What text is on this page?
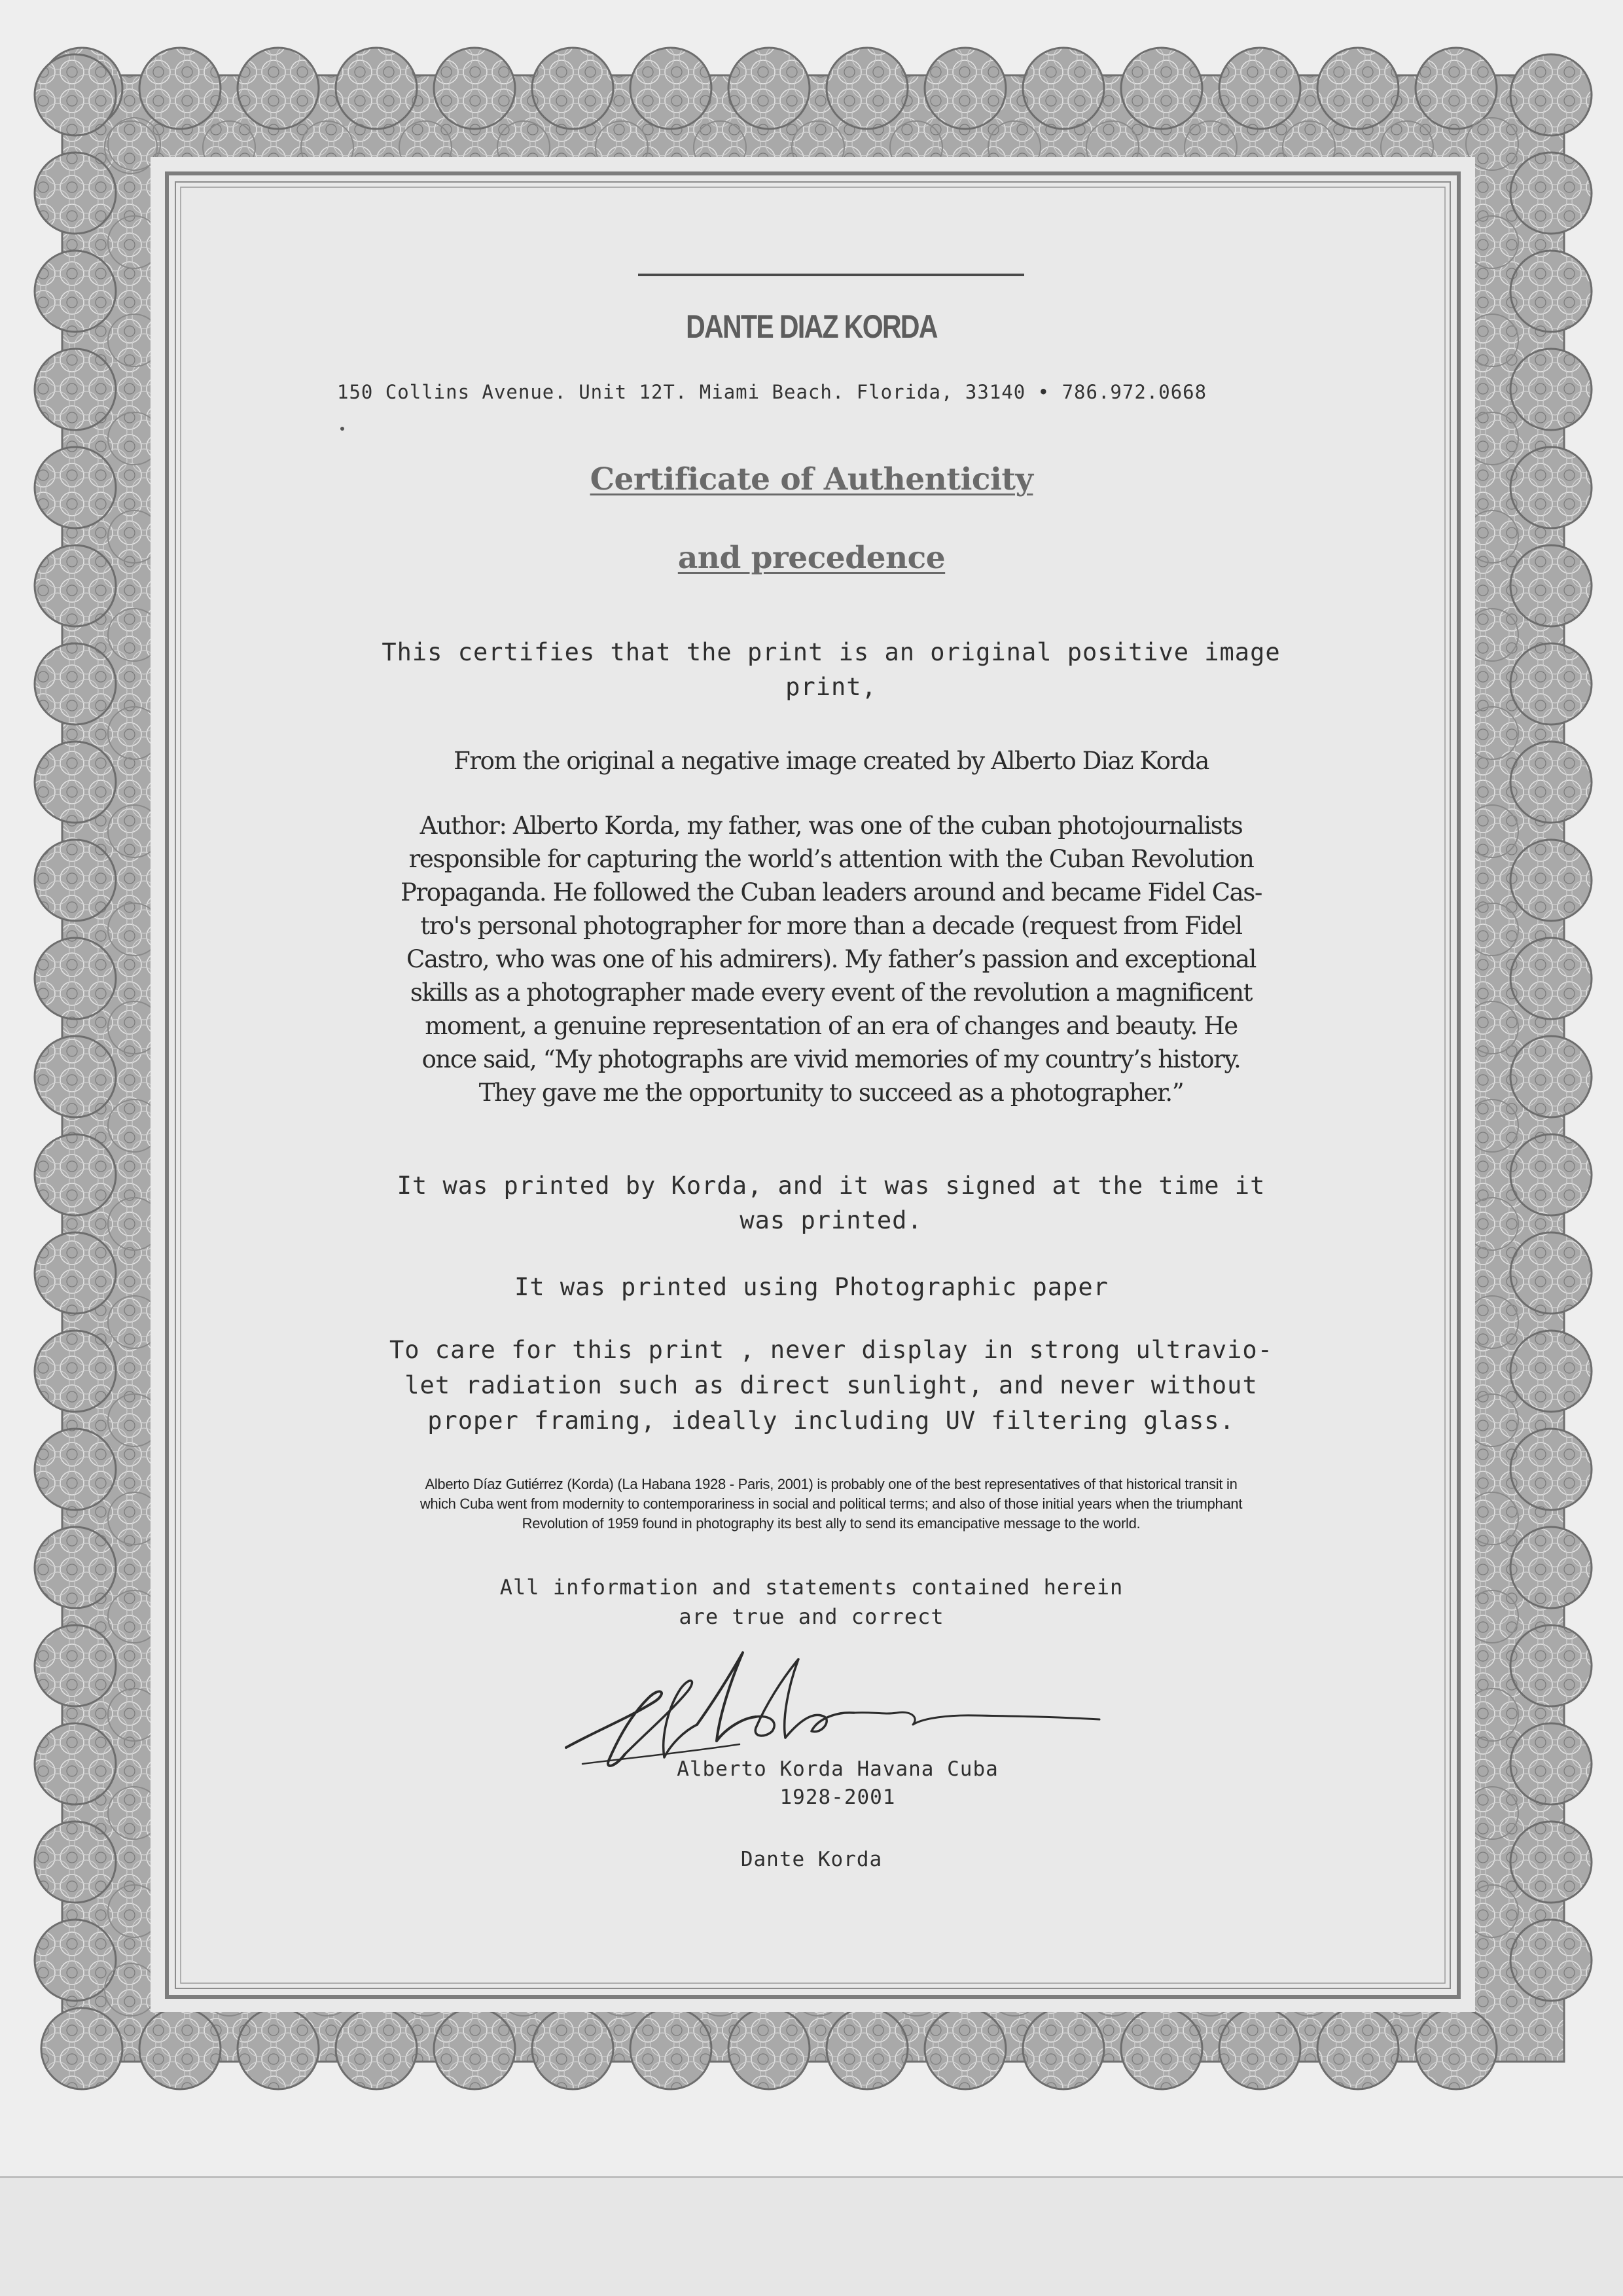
DANTE DIAZ KORDA
150 Collins Avenue. Unit 12T. Miami Beach. Florida, 33140 • 786.972.0668
Certificate of Authenticity
and precedence
This certifies that the print is an original positive image
print,
From the original a negative image created by Alberto Diaz Korda
Author: Alberto Korda, my father, was one of the cuban photojournalists
responsible for capturing the world’s attention with the Cuban Revolution
Propaganda. He followed the Cuban leaders around and became Fidel Cas-
tro's personal photographer for more than a decade (request from Fidel
Castro, who was one of his admirers). My father’s passion and exceptional
skills as a photographer made every event of the revolution a magnificent
moment, a genuine representation of an era of changes and beauty. He
once said, “My photographs are vivid memories of my country’s history.
They gave me the opportunity to succeed as a photographer.”
It was printed by Korda, and it was signed at the time it
was printed.
It was printed using Photographic paper
To care for this print , never display in strong ultravio-
let radiation such as direct sunlight, and never without
proper framing, ideally including UV filtering glass.
Alberto Díaz Gutiérrez (Korda) (La Habana 1928 - Paris, 2001) is probably one of the best representatives of that historical transit in
which Cuba went from modernity to contemporariness in social and political terms; and also of those initial years when the triumphant
Revolution of 1959 found in photography its best ally to send its emancipative message to the world.
All information and statements contained herein
are true and correct
Alberto Korda Havana Cuba
1928-2001
Dante Korda
